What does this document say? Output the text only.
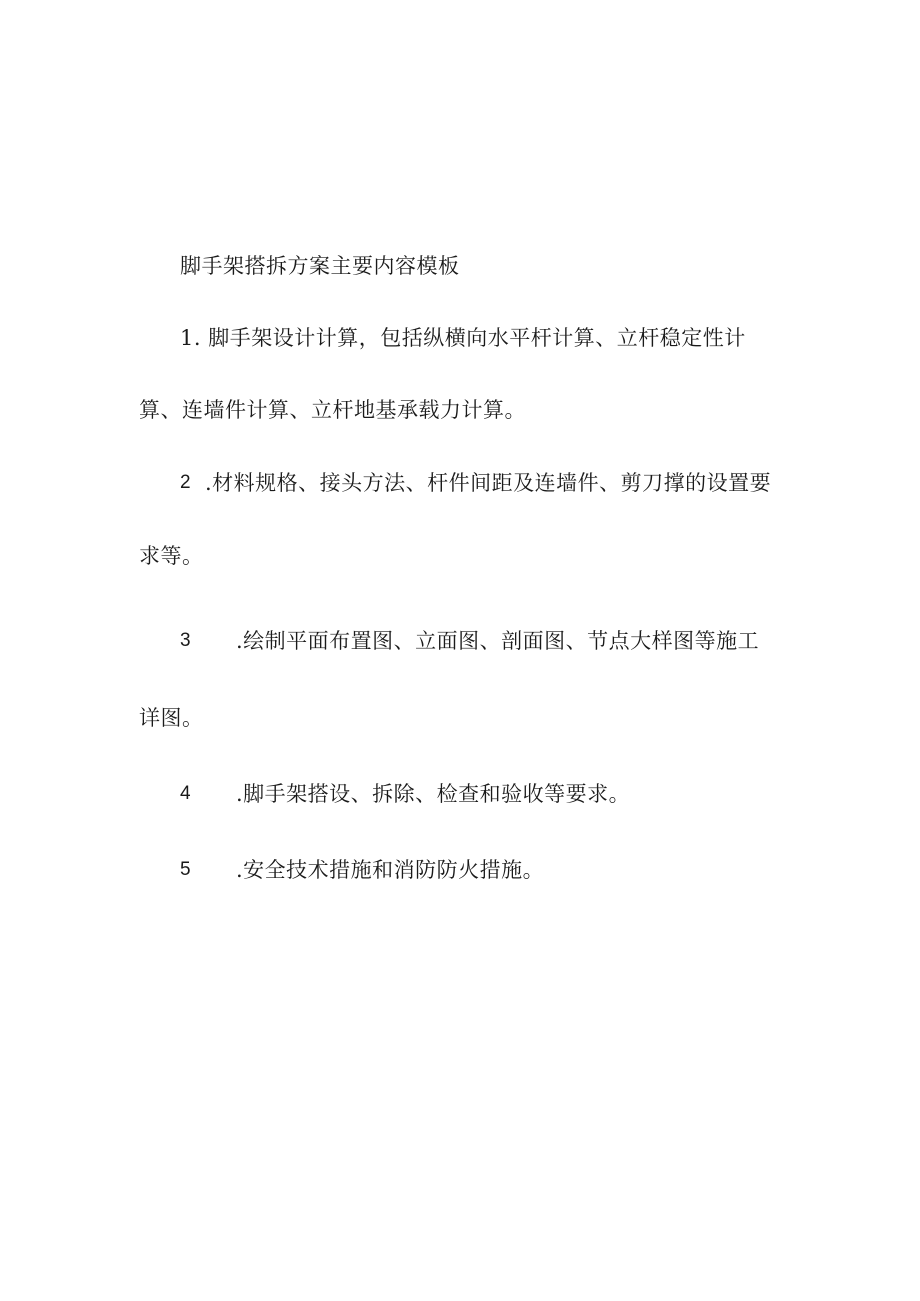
脚手架搭拆方案主要内容模板
1. 脚手架设计计算，包括纵横向水平杆计算、立杆稳定性计
算、连墙件计算、立杆地基承载力计算。
2 .材料规格、接头方法、杆件间距及连墙件、剪刀撑的设置要
求等。
3 .绘制平面布置图、立面图、剖面图、节点大样图等施工
详图。
4 .脚手架搭设、拆除、检查和验收等要求。
5 .安全技术措施和消防防火措施。
